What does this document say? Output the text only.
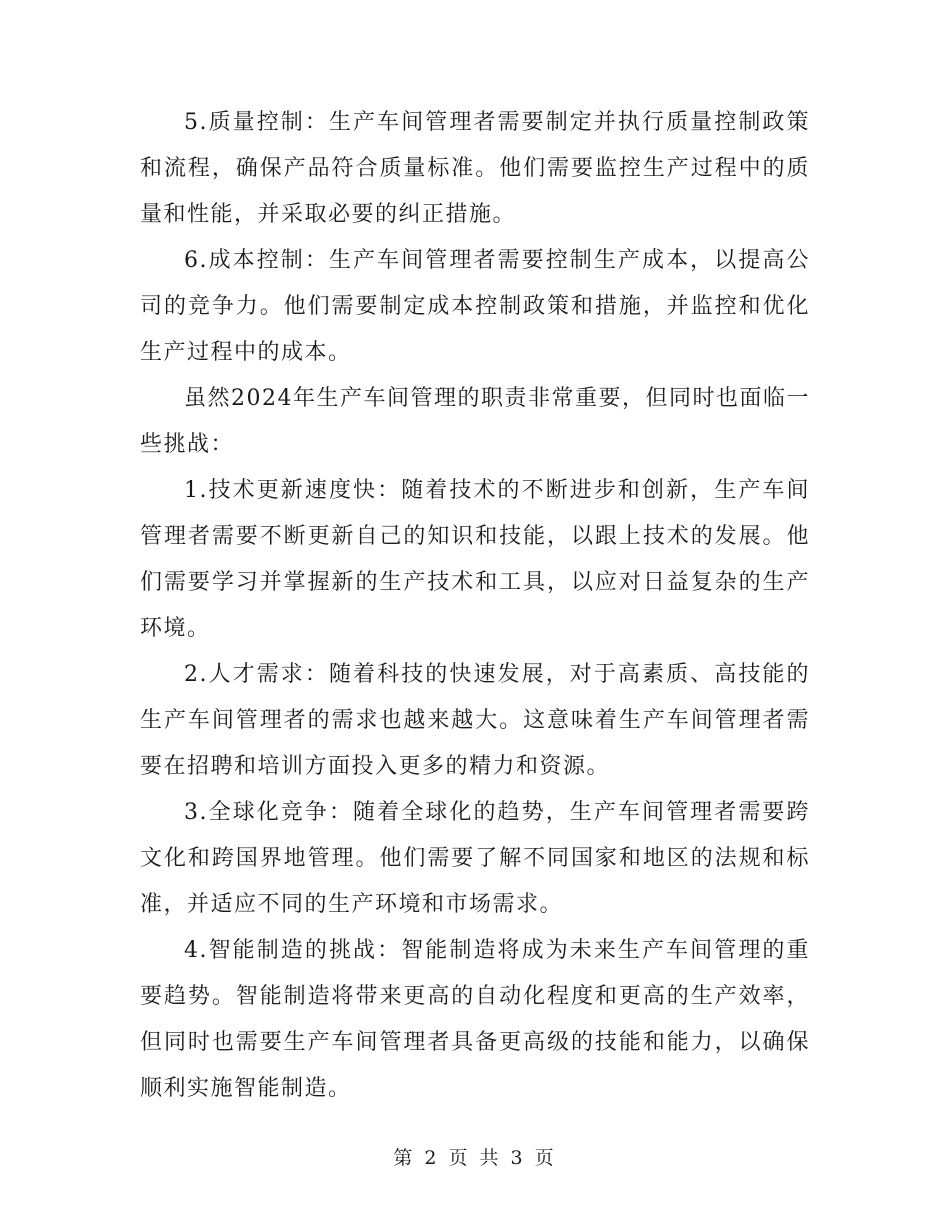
5.质量控制：生产车间管理者需要制定并执行质量控制政策和流程，确保产品符合质量标准。他们需要监控生产过程中的质量和性能，并采取必要的纠正措施。

6.成本控制：生产车间管理者需要控制生产成本，以提高公司的竞争力。他们需要制定成本控制政策和措施，并监控和优化生产过程中的成本。

虽然2024年生产车间管理的职责非常重要，但同时也面临一些挑战：

1.技术更新速度快：随着技术的不断进步和创新，生产车间管理者需要不断更新自己的知识和技能，以跟上技术的发展。他们需要学习并掌握新的生产技术和工具，以应对日益复杂的生产环境。

2.人才需求：随着科技的快速发展，对于高素质、高技能的生产车间管理者的需求也越来越大。这意味着生产车间管理者需要在招聘和培训方面投入更多的精力和资源。

3.全球化竞争：随着全球化的趋势，生产车间管理者需要跨文化和跨国界地管理。他们需要了解不同国家和地区的法规和标准，并适应不同的生产环境和市场需求。

4.智能制造的挑战：智能制造将成为未来生产车间管理的重要趋势。智能制造将带来更高的自动化程度和更高的生产效率，但同时也需要生产车间管理者具备更高级的技能和能力，以确保顺利实施智能制造。

第 2 页 共 3 页
